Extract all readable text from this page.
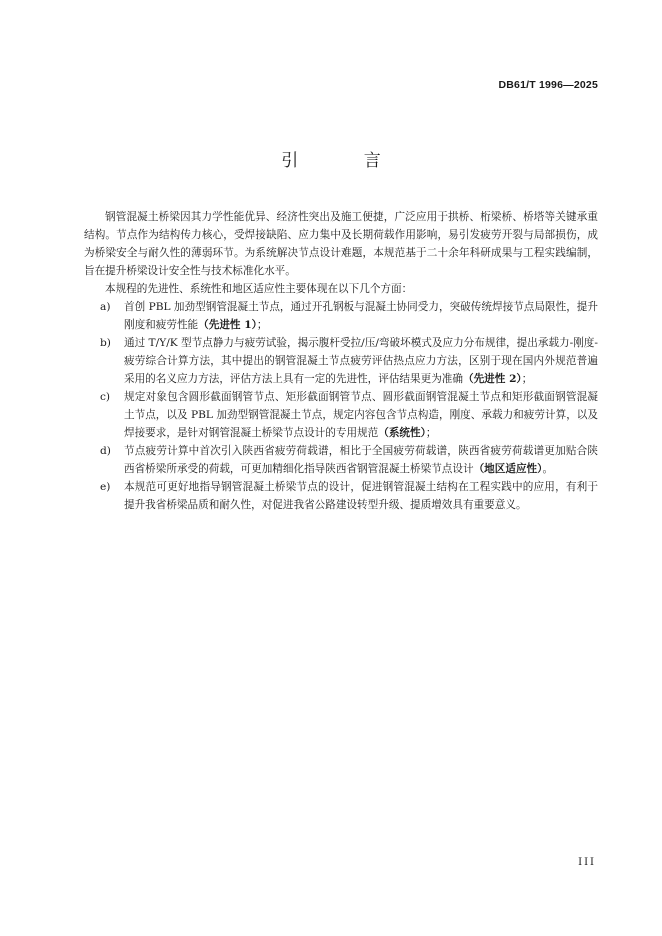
DB61/T 1996—2025
引 言

钢管混凝土桥梁因其力学性能优异、经济性突出及施工便捷，广泛应用于拱桥、桁梁桥、桥塔等关键承重结构。节点作为结构传力核心，受焊接缺陷、应力集中及长期荷载作用影响，易引发疲劳开裂与局部损伤，成为桥梁安全与耐久性的薄弱环节。为系统解决节点设计难题，本规范基于二十余年科研成果与工程实践编制，旨在提升桥梁设计安全性与技术标准化水平。

本规程的先进性、系统性和地区适应性主要体现在以下几个方面：

a) 首创 PBL 加劲型钢管混凝土节点，通过开孔钢板与混凝土协同受力，突破传统焊接节点局限性，提升刚度和疲劳性能（先进性 1）；

b) 通过 T/Y/K 型节点静力与疲劳试验，揭示腹杆受拉/压/弯破坏模式及应力分布规律，提出承载力-刚度-疲劳综合计算方法，其中提出的钢管混凝土节点疲劳评估热点应力方法，区别于现在国内外规范普遍采用的名义应力方法，评估方法上具有一定的先进性，评估结果更为准确（先进性 2）；

c) 规定对象包含圆形截面钢管节点、矩形截面钢管节点、圆形截面钢管混凝土节点和矩形截面钢管混凝土节点，以及 PBL 加劲型钢管混凝土节点，规定内容包含节点构造，刚度、承载力和疲劳计算，以及焊接要求，是针对钢管混凝土桥梁节点设计的专用规范（系统性）；

d) 节点疲劳计算中首次引入陕西省疲劳荷载谱，相比于全国疲劳荷载谱，陕西省疲劳荷载谱更加贴合陕西省桥梁所承受的荷载，可更加精细化指导陕西省钢管混凝土桥梁节点设计（地区适应性）。

e) 本规范可更好地指导钢管混凝土桥梁节点的设计，促进钢管混凝土结构在工程实践中的应用，有利于提升我省桥梁品质和耐久性，对促进我省公路建设转型升级、提质增效具有重要意义。

III
